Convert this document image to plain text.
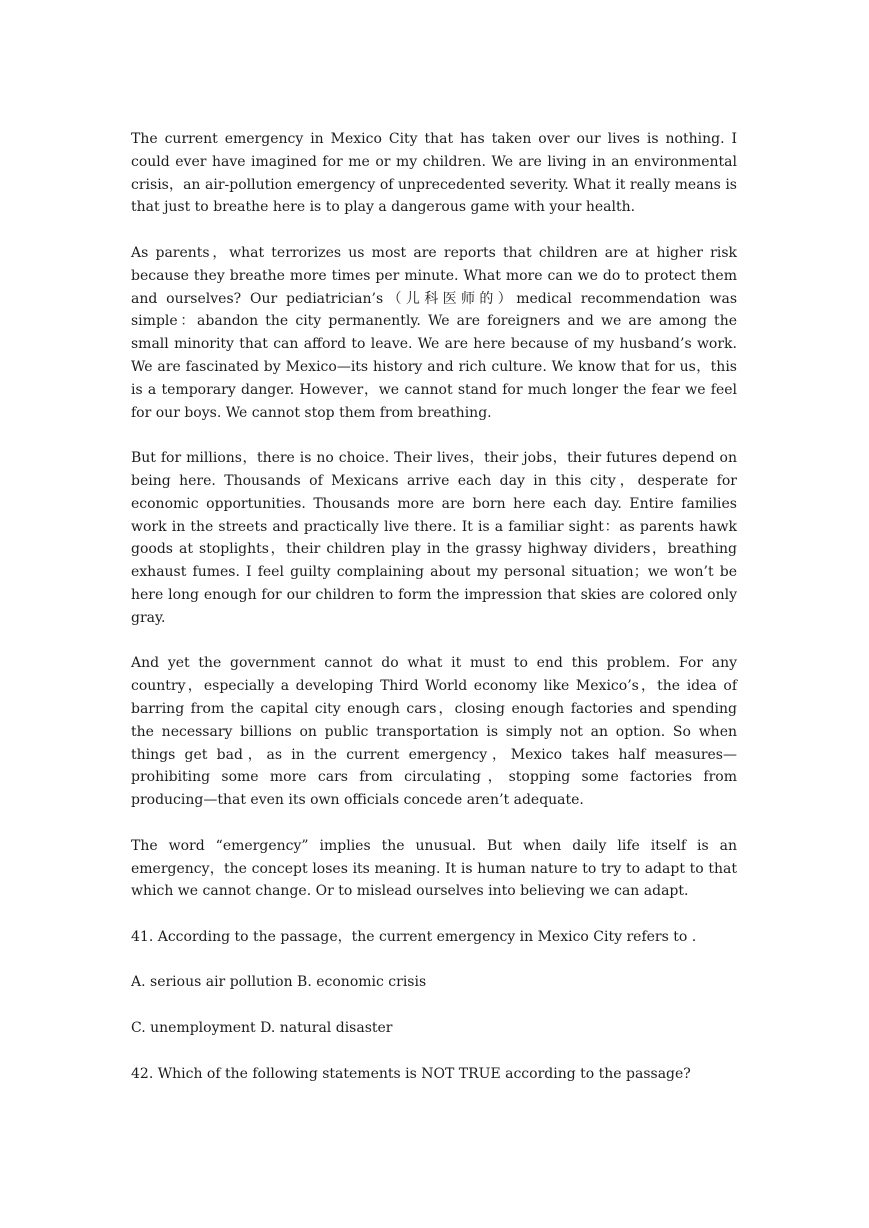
The current emergency in Mexico City that has taken over our lives is nothing. I could ever have imagined for me or my children. We are living in an environmental crisis，an air-pollution emergency of unprecedented severity. What it really means is that just to breathe here is to play a dangerous game with your health.

As parents，what terrorizes us most are reports that children are at higher risk because they breathe more times per minute. What more can we do to protect them and ourselves? Our pediatrician’s（儿科医师的）medical recommendation was simple：abandon the city permanently. We are foreigners and we are among the small minority that can afford to leave. We are here because of my husband’s work. We are fascinated by Mexico—its history and rich culture. We know that for us，this is a temporary danger. However，we cannot stand for much longer the fear we feel for our boys. We cannot stop them from breathing.

But for millions，there is no choice. Their lives，their jobs，their futures depend on being here. Thousands of Mexicans arrive each day in this city，desperate for economic opportunities. Thousands more are born here each day. Entire families work in the streets and practically live there. It is a familiar sight：as parents hawk goods at stoplights，their children play in the grassy highway dividers，breathing exhaust fumes. I feel guilty complaining about my personal situation；we won’t be here long enough for our children to form the impression that skies are colored only gray.

And yet the government cannot do what it must to end this problem. For any country，especially a developing Third World economy like Mexico’s，the idea of barring from the capital city enough cars，closing enough factories and spending the necessary billions on public transportation is simply not an option. So when things get bad，as in the current emergency，Mexico takes half measures—prohibiting some more cars from circulating，stopping some factories from producing—that even its own officials concede aren’t adequate.

The word “emergency” implies the unusual. But when daily life itself is an emergency，the concept loses its meaning. It is human nature to try to adapt to that which we cannot change. Or to mislead ourselves into believing we can adapt.

41. According to the passage，the current emergency in Mexico City refers to .

A. serious air pollution B. economic crisis

C. unemployment D. natural disaster

42. Which of the following statements is NOT TRUE according to the passage?
